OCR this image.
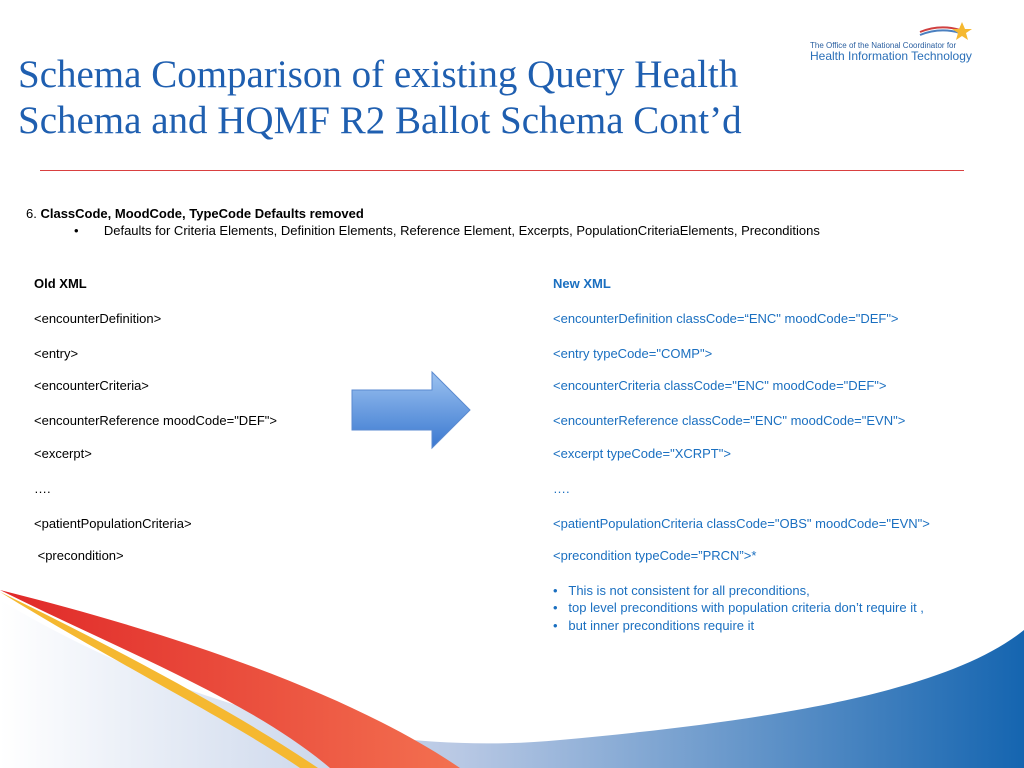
Schema Comparison of existing Query Health
Schema and HQMF R2 Ballot Schema Cont’d
The Office of the National Coordinator for
Health Information Technology
6. ClassCode, MoodCode, TypeCode Defaults removed
•       Defaults for Criteria Elements, Definition Elements, Reference Element, Excerpts, PopulationCriteriaElements, Preconditions
Old XML
<encounterDefinition>
<entry>
<encounterCriteria>
<encounterReference moodCode="DEF">
<excerpt>
….
<patientPopulationCriteria>
<precondition>
New XML
<encounterDefinition classCode=“ENC" moodCode="DEF">
<entry typeCode="COMP">
<encounterCriteria classCode="ENC" moodCode="DEF">
<encounterReference classCode="ENC" moodCode="EVN">
<excerpt typeCode="XCRPT">
….
<patientPopulationCriteria classCode="OBS" moodCode="EVN">
<precondition typeCode=”PRCN”>*
•   This is not consistent for all preconditions,
•   top level preconditions with population criteria don’t require it ,
•   but inner preconditions require it
